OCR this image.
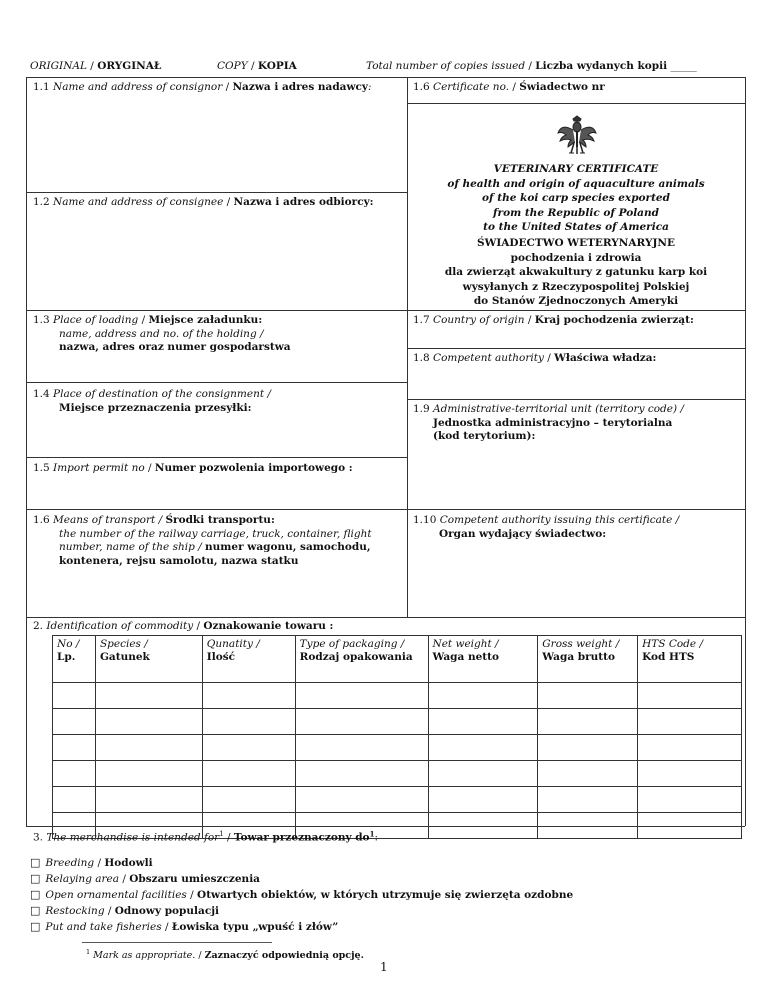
ORIGINAL / ORYGINAŁ	COPY / KOPIA	Total number of copies issued / Liczba wydanych kopii _____
1.1 Name and address of consignor / Nazwa i adres nadawcy:	1.6 Certificate no. / Świadectwo nr
VETERINARY CERTIFICATE
of health and origin of aquaculture animals
of the koi carp species exported
from the Republic of Poland
to the United States of America
ŚWIADECTWO WETERYNARYJNE
pochodzenia i zdrowia
dla zwierząt akwakultury z gatunku karp koi
wysyłanych z Rzeczypospolitej Polskiej
do Stanów Zjednoczonych Ameryki
1.2 Name and address of consignee / Nazwa i adres odbiorcy:
1.3 Place of loading / Miejsce załadunku:
name, address and no. of the holding /
nazwa, adres oraz numer gospodarstwa
1.7 Country of origin / Kraj pochodzenia zwierząt:
1.8 Competent authority / Właściwa władza:
1.4 Place of destination of the consignment /
Miejsce przeznaczenia przesyłki:	1.9 Administrative-territorial unit (territory code) /
Jednostka administracyjno – terytorialna
(kod terytorium):
1.5 Import permit no / Numer pozwolenia importowego :
1.6 Means of transport / Środki transportu:
the number of the railway carriage, truck, container, flight
number, name of the ship / numer wagonu, samochodu,
kontenera, rejsu samolotu, nazwa statku
1.10 Competent authority issuing this certificate /
Organ wydający świadectwo:
2. Identification of commodity / Oznakowanie towaru :
No /
Lp.	Species /
Gatunek	Qunatity /
Ilość	Type of packaging /
Rodzaj opakowania	Net weight /
Waga netto	Gross weight /
Waga brutto	HTS Code /
Kod HTS

3. The merchandise is intended for$^1$ / Towar przeznaczony $do^1$:
□ Breeding / Hodowli
□ Relaying area / Obszaru umieszczenia
□ Open ornamental facilities / Otwartych obiektów, w których utrzymuje się zwierzęta ozdobne
□ Restocking / Odnowy populacji
□ Put and take fisheries / Łowiska typu „wpuść i złów”
$^1$ Mark as appropriate. / Zaznaczyć odpowiednią opcję.
1
